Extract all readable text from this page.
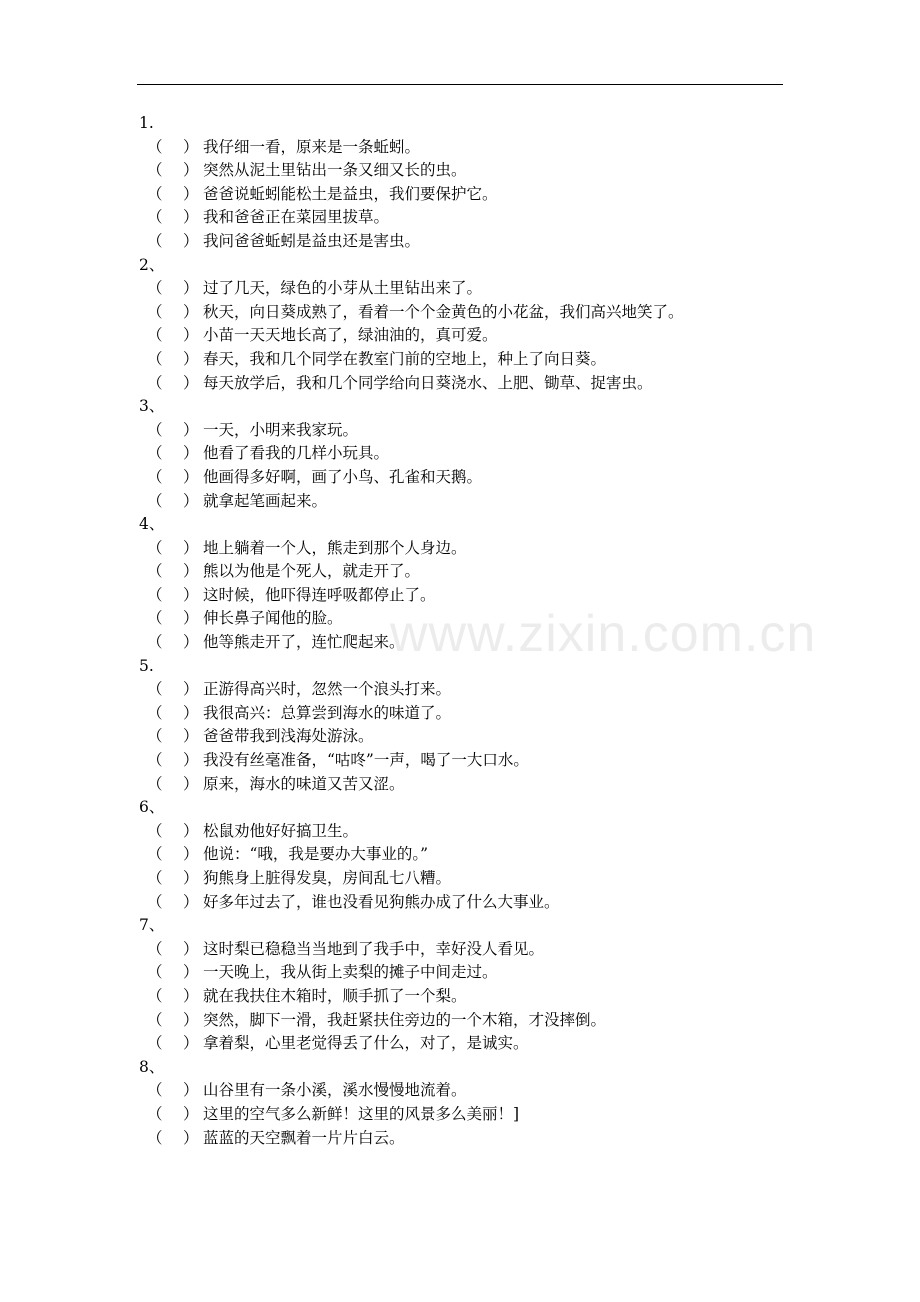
www.zixin.com.cn
1.
（	） 我仔细一看，原来是一条蚯蚓。
（	） 突然从泥土里钻出一条又细又长的虫。
（	） 爸爸说蚯蚓能松土是益虫，我们要保护它。
（	） 我和爸爸正在菜园里拔草。
（	） 我问爸爸蚯蚓是益虫还是害虫。
2、
（	） 过了几天，绿色的小芽从土里钻出来了。
（	） 秋天，向日葵成熟了，看着一个个金黄色的小花盆，我们高兴地笑了。
（	） 小苗一天天地长高了，绿油油的，真可爱。
（	） 春天，我和几个同学在教室门前的空地上，种上了向日葵。
（	） 每天放学后，我和几个同学给向日葵浇水、上肥、锄草、捉害虫。
3、
（	） 一天，小明来我家玩。
（	） 他看了看我的几样小玩具。
（	） 他画得多好啊，画了小鸟、孔雀和天鹅。
（	） 就拿起笔画起来。
4、
（	） 地上躺着一个人，熊走到那个人身边。
（	） 熊以为他是个死人，就走开了。
（	） 这时候，他吓得连呼吸都停止了。
（	） 伸长鼻子闻他的脸。
（	） 他等熊走开了，连忙爬起来。
5.
（	） 正游得高兴时，忽然一个浪头打来。
（	） 我很高兴：总算尝到海水的味道了。
（	） 爸爸带我到浅海处游泳。
（	） 我没有丝毫准备，“咕咚”一声，喝了一大口水。
（	） 原来，海水的味道又苦又涩。
6、
（	） 松鼠劝他好好搞卫生。
（	） 他说：“哦，我是要办大事业的。”
（	） 狗熊身上脏得发臭，房间乱七八糟。
（	） 好多年过去了，谁也没看见狗熊办成了什么大事业。
7、
（	） 这时梨已稳稳当当地到了我手中，幸好没人看见。
（	） 一天晚上，我从街上卖梨的摊子中间走过。
（	） 就在我扶住木箱时，顺手抓了一个梨。
（	） 突然，脚下一滑，我赶紧扶住旁边的一个木箱，才没摔倒。
（	） 拿着梨，心里老觉得丢了什么，对了，是诚实。
8、
（	） 山谷里有一条小溪，溪水慢慢地流着。
（	） 这里的空气多么新鲜！这里的风景多么美丽！]
（	） 蓝蓝的天空飘着一片片白云。
